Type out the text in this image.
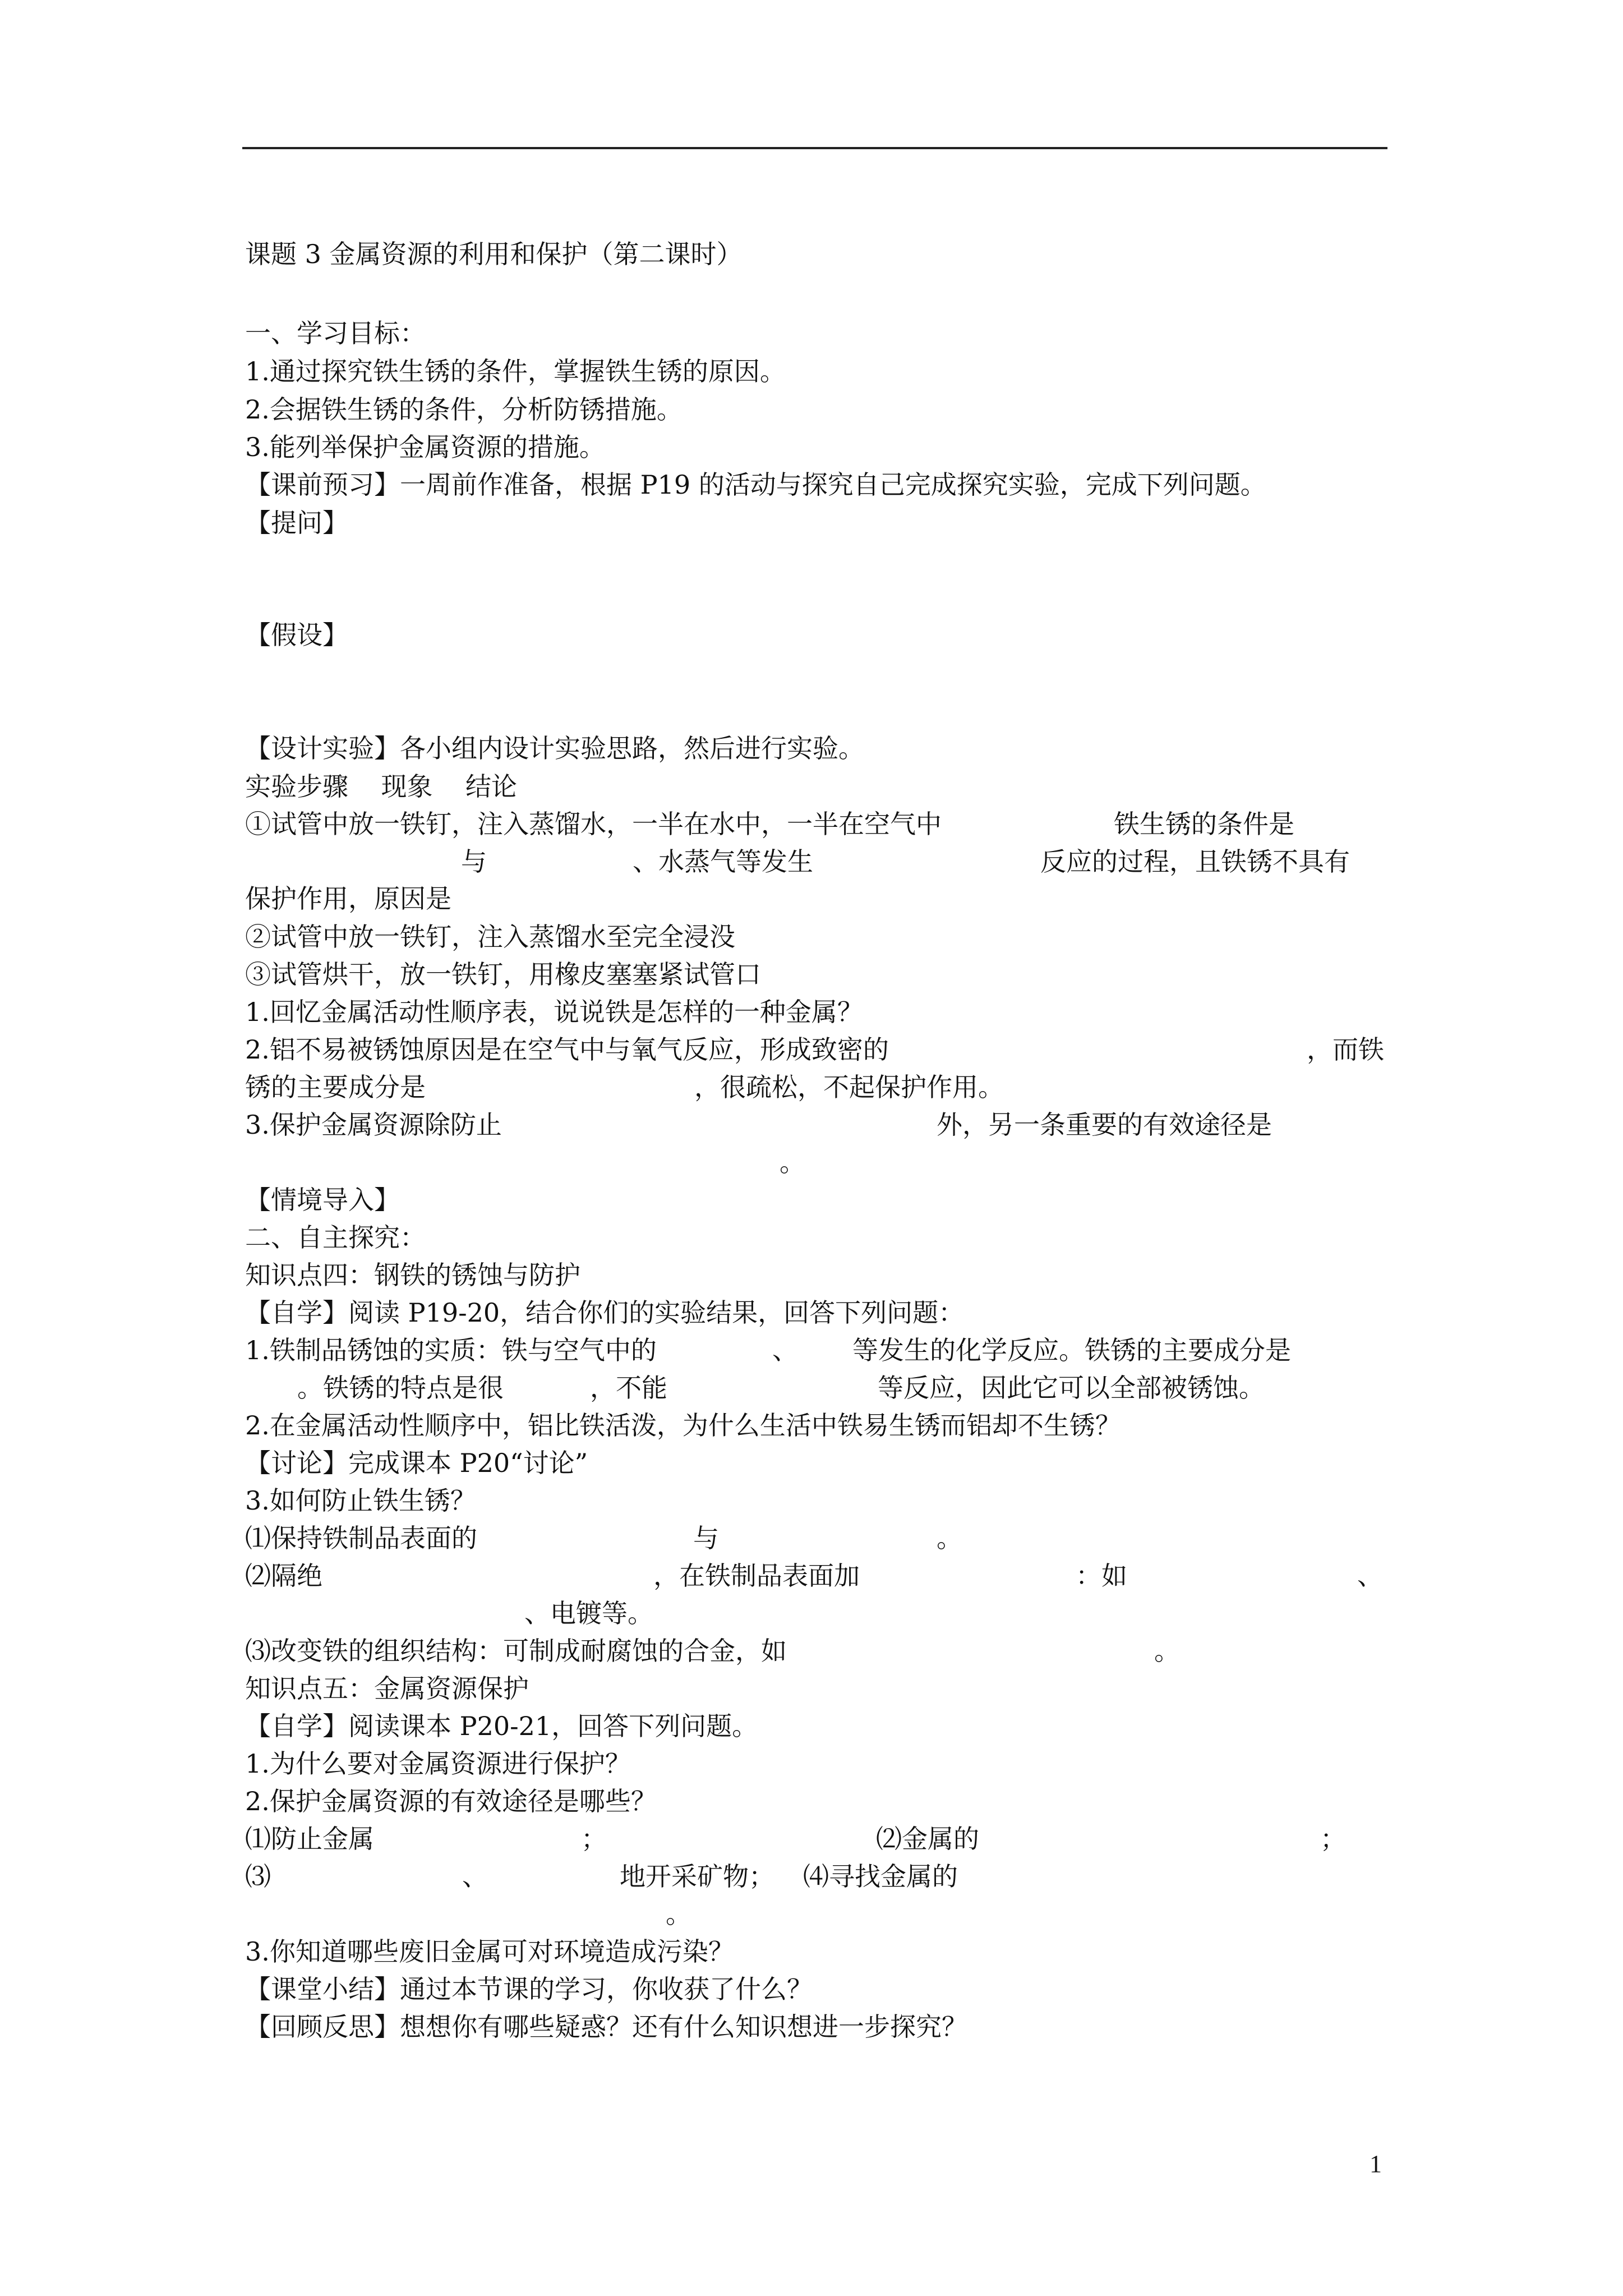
课题 3 金属资源的利用和保护（第二课时）
一、学习目标：
1.通过探究铁生锈的条件，掌握铁生锈的原因。
2.会据铁生锈的条件，分析防锈措施。
3.能列举保护金属资源的措施。
【课前预习】一周前作准备，根据 P19 的活动与探究自己完成探究实验，完成下列问题。
【提问】
【假设】
【设计实验】各小组内设计实验思路，然后进行实验。
实验步骤    现象    结论
①试管中放一铁钉，注入蒸馏水，一半在水中，一半在空气中	铁生锈的条件是
与	、水蒸气等发生	反应的过程，且铁锈不具有
保护作用，原因是
②试管中放一铁钉，注入蒸馏水至完全浸没
③试管烘干，放一铁钉，用橡皮塞塞紧试管口
1.回忆金属活动性顺序表，说说铁是怎样的一种金属？
2.铝不易被锈蚀原因是在空气中与氧气反应，形成致密的	，而铁
锈的主要成分是	，很疏松，不起保护作用。
3.保护金属资源除防止	外，另一条重要的有效途径是
。
【情境导入】
二、自主探究：
知识点四：钢铁的锈蚀与防护
【自学】阅读 P19-20，结合你们的实验结果，回答下列问题：
1.铁制品锈蚀的实质：铁与空气中的	、 等发生的化学反应。铁锈的主要成分是
。铁锈的特点是很	，不能	等反应，因此它可以全部被锈蚀。
2.在金属活动性顺序中，铝比铁活泼，为什么生活中铁易生锈而铝却不生锈？
【讨论】完成课本 P20“讨论”
3.如何防止铁生锈？
⑴保持铁制品表面的	与	。
⑵隔绝	，在铁制品表面加	：如	、
、电镀等。
⑶改变铁的组织结构：可制成耐腐蚀的合金，如	。
知识点五：金属资源保护
【自学】阅读课本 P20-21，回答下列问题。
1.为什么要对金属资源进行保护？
2.保护金属资源的有效途径是哪些？
⑴防止金属	；	⑵金属的	；
⑶	、	地开采矿物； ⑷寻找金属的
。
3.你知道哪些废旧金属可对环境造成污染？
【课堂小结】通过本节课的学习，你收获了什么？
【回顾反思】想想你有哪些疑惑？还有什么知识想进一步探究？
1
